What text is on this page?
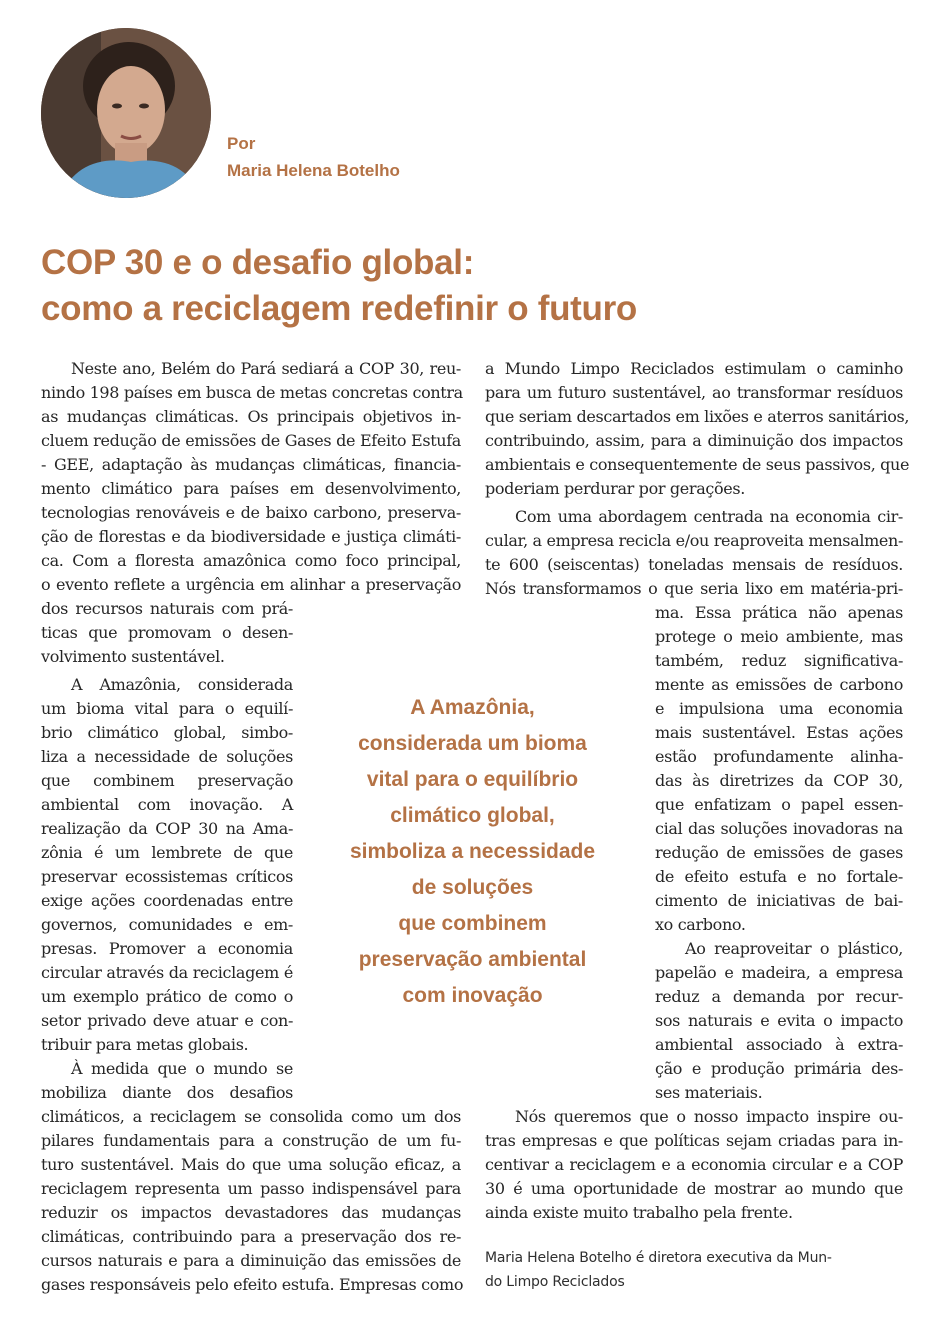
Por
Maria Helena Botelho
COP 30 e o desafio global:
como a reciclagem redefinir o futuro
Neste ano, Belém do Pará sediará a COP 30, reu-
nindo 198 países em busca de metas concretas contra
as mudanças climáticas. Os principais objetivos in-
cluem redução de emissões de Gases de Efeito Estufa
- GEE, adaptação às mudanças climáticas, financia-
mento climático para países em desenvolvimento,
tecnologias renováveis e de baixo carbono, preserva-
ção de florestas e da biodiversidade e justiça climáti-
ca. Com a floresta amazônica como foco principal,
o evento reflete a urgência em alinhar a preservação
dos recursos naturais com prá-
ticas que promovam o desen-
volvimento sustentável.
A Amazônia, considerada
um bioma vital para o equilí-
brio climático global, simbo-
liza a necessidade de soluções
que combinem preservação
ambiental com inovação. A
realização da COP 30 na Ama-
zônia é um lembrete de que
preservar ecossistemas críticos
exige ações coordenadas entre
governos, comunidades e em-
presas. Promover a economia
circular através da reciclagem é
um exemplo prático de como o
setor privado deve atuar e con-
tribuir para metas globais.
À medida que o mundo se
mobiliza diante dos desafios
climáticos, a reciclagem se consolida como um dos
pilares fundamentais para a construção de um fu-
turo sustentável. Mais do que uma solução eficaz, a
reciclagem representa um passo indispensável para
reduzir os impactos devastadores das mudanças
climáticas, contribuindo para a preservação dos re-
cursos naturais e para a diminuição das emissões de
gases responsáveis pelo efeito estufa. Empresas como
a Mundo Limpo Reciclados estimulam o caminho
para um futuro sustentável, ao transformar resíduos
que seriam descartados em lixões e aterros sanitários,
contribuindo, assim, para a diminuição dos impactos
ambientais e consequentemente de seus passivos, que
poderiam perdurar por gerações.
Com uma abordagem centrada na economia cir-
cular, a empresa recicla e/ou reaproveita mensalmen-
te 600 (seiscentas) toneladas mensais de resíduos.
Nós transformamos o que seria lixo em matéria-pri-
ma. Essa prática não apenas
protege o meio ambiente, mas
também, reduz significativa-
mente as emissões de carbono
e impulsiona uma economia
mais sustentável. Estas ações
estão profundamente alinha-
das às diretrizes da COP 30,
que enfatizam o papel essen-
cial das soluções inovadoras na
redução de emissões de gases
de efeito estufa e no fortale-
cimento de iniciativas de bai-
xo carbono.
Ao reaproveitar o plástico,
papelão e madeira, a empresa
reduz a demanda por recur-
sos naturais e evita o impacto
ambiental associado à extra-
ção e produção primária des-
ses materiais.
Nós queremos que o nosso impacto inspire ou-
tras empresas e que políticas sejam criadas para in-
centivar a reciclagem e a economia circular e a COP
30 é uma oportunidade de mostrar ao mundo que
ainda existe muito trabalho pela frente.
A Amazônia,
considerada um bioma
vital para o equilíbrio
climático global,
simboliza a necessidade
de soluções
que combinem
preservação ambiental
com inovação
Maria Helena Botelho é diretora executiva da Mun-
do Limpo Reciclados
